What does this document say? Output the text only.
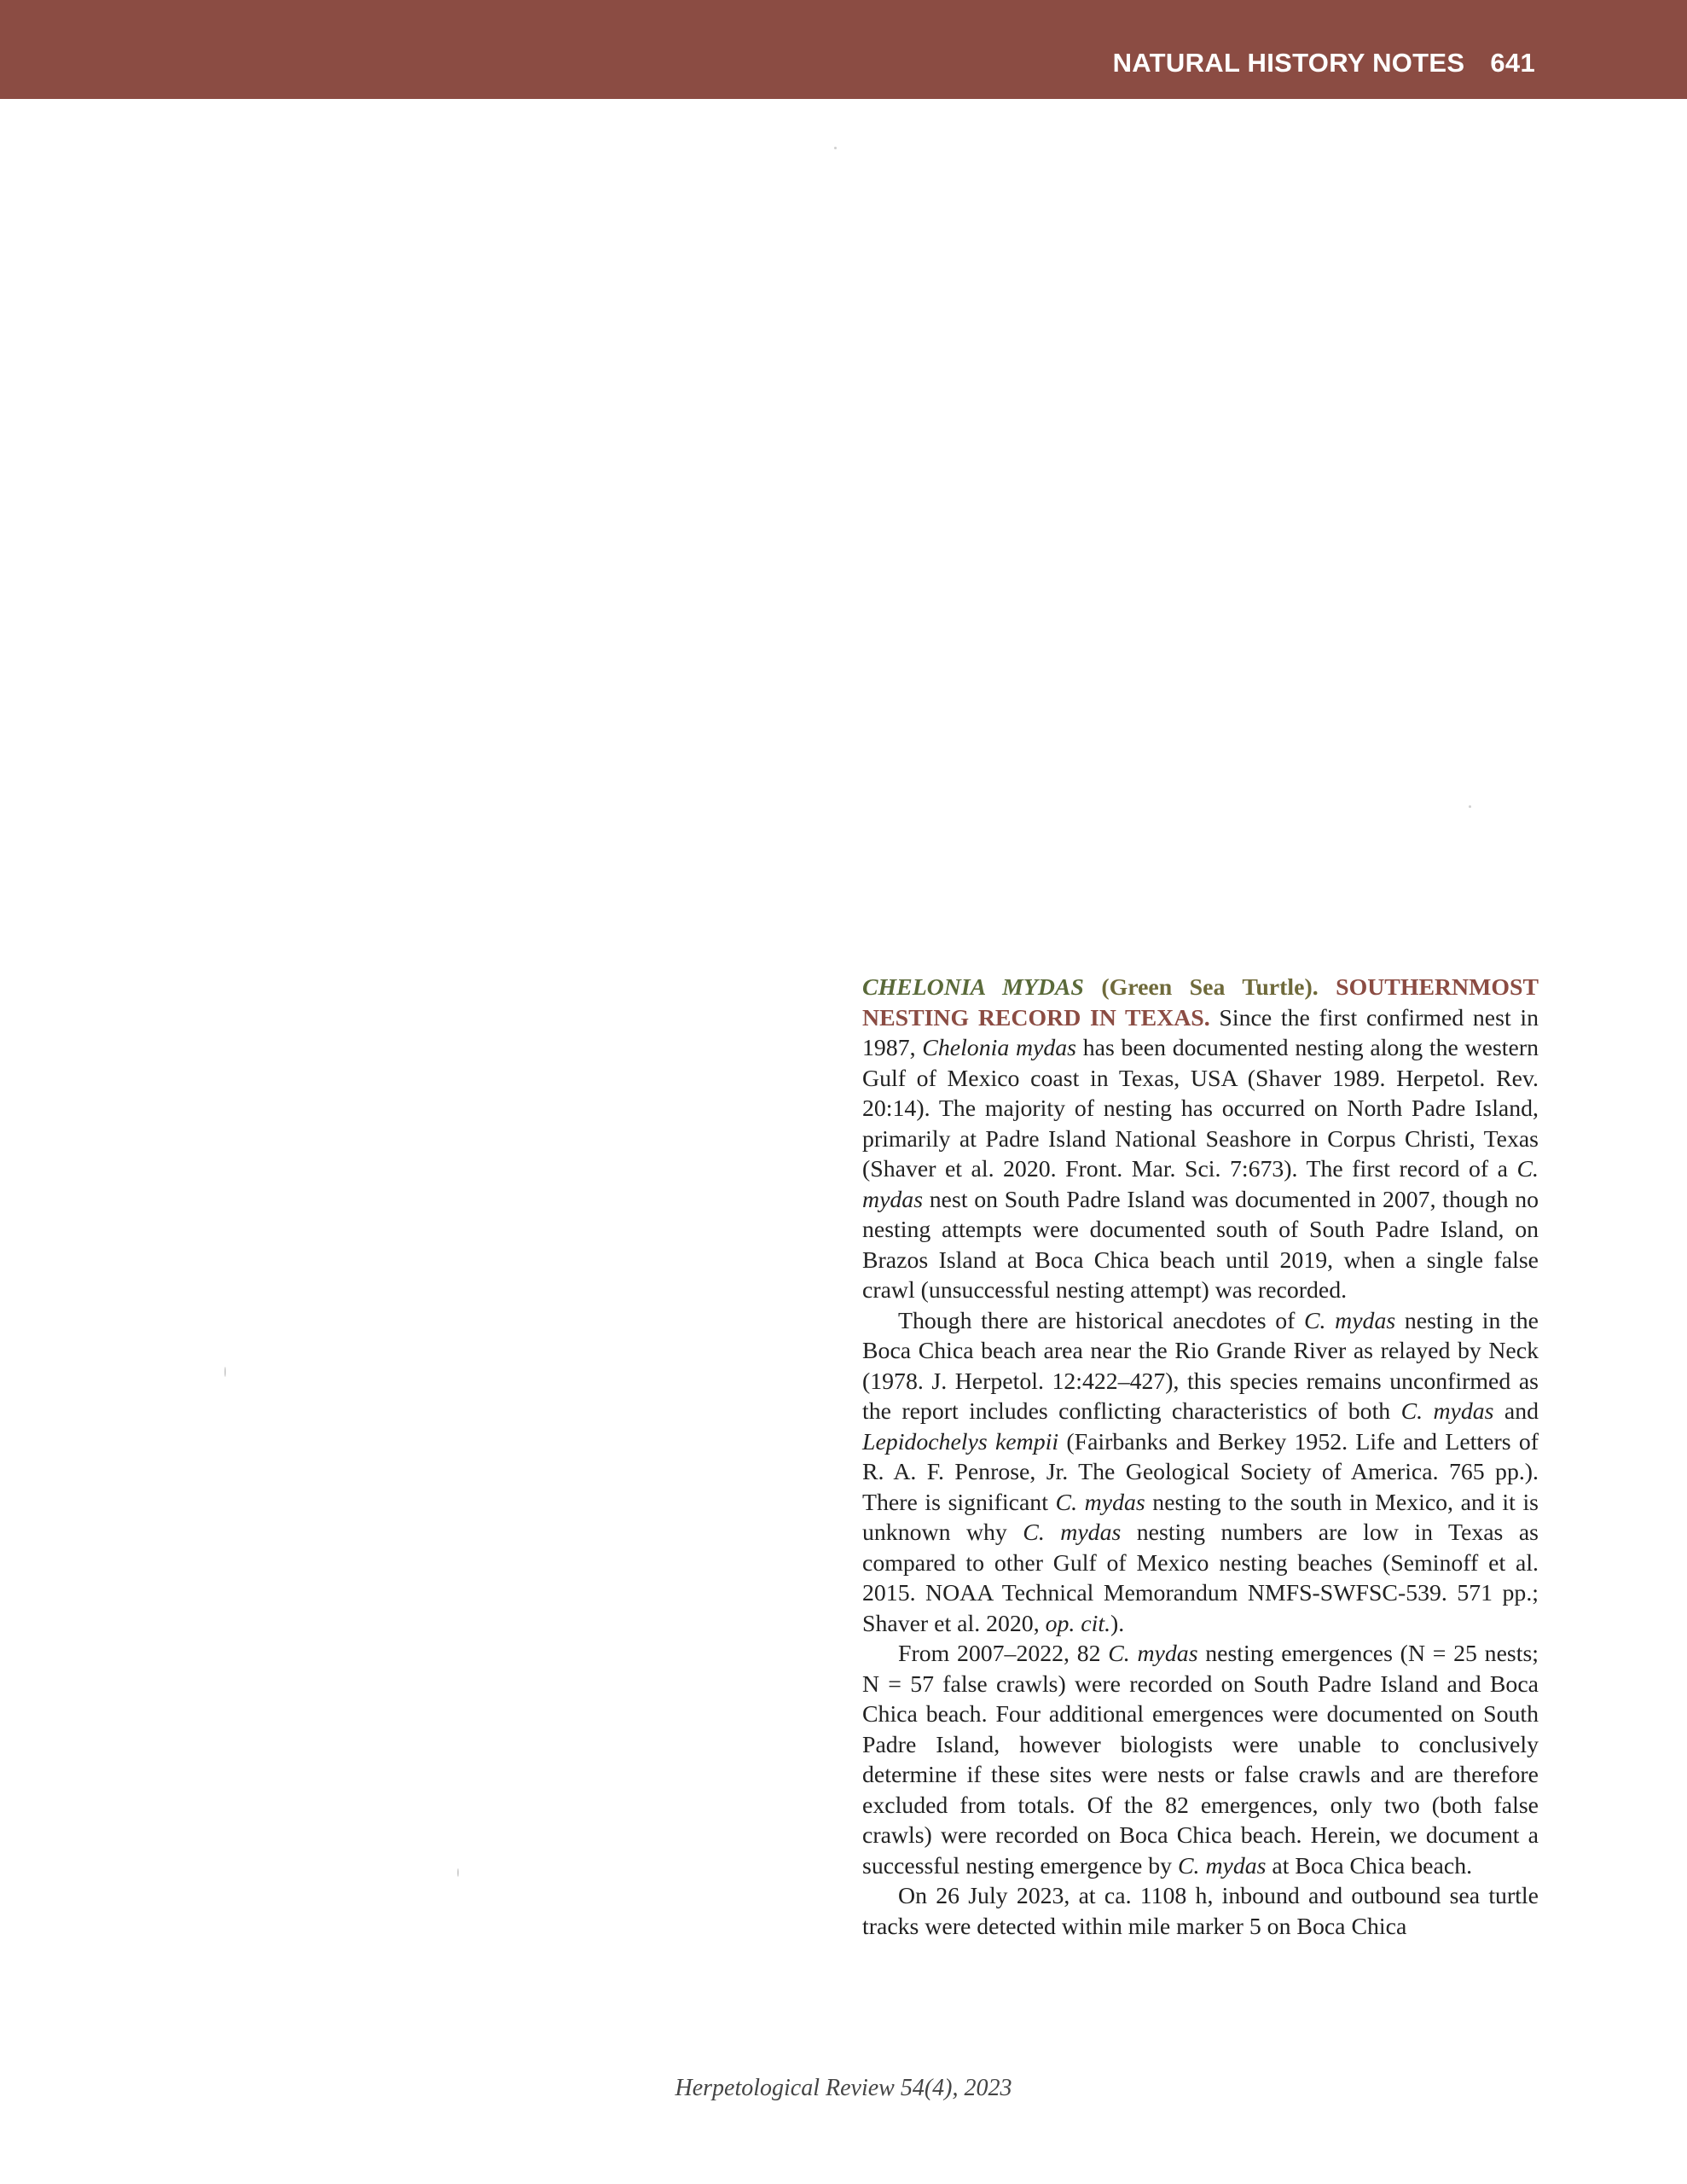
NATURAL HISTORY NOTES 641

CHELONIA MYDAS (Green Sea Turtle). SOUTHERNMOST NESTING RECORD IN TEXAS. Since the first confirmed nest in 1987, Chelonia mydas has been documented nesting along the western Gulf of Mexico coast in Texas, USA (Shaver 1989. Herpetol. Rev. 20:14). The majority of nesting has occurred on North Padre Island, primarily at Padre Island National Seashore in Corpus Christi, Texas (Shaver et al. 2020. Front. Mar. Sci. 7:673). The first record of a C. mydas nest on South Padre Island was documented in 2007, though no nesting attempts were documented south of South Padre Island, on Brazos Island at Boca Chica beach until 2019, when a single false crawl (unsuccessful nesting attempt) was recorded.

Though there are historical anecdotes of C. mydas nesting in the Boca Chica beach area near the Rio Grande River as relayed by Neck (1978. J. Herpetol. 12:422–427), this species remains unconfirmed as the report includes conflicting characteristics of both C. mydas and Lepidochelys kempii (Fairbanks and Berkey 1952. Life and Letters of R. A. F. Penrose, Jr. The Geological Society of America. 765 pp.). There is significant C. mydas nesting to the south in Mexico, and it is unknown why C. mydas nesting numbers are low in Texas as compared to other Gulf of Mexico nesting beaches (Seminoff et al. 2015. NOAA Technical Memorandum NMFS-SWFSC-539. 571 pp.; Shaver et al. 2020, op. cit.).

From 2007–2022, 82 C. mydas nesting emergences (N = 25 nests; N = 57 false crawls) were recorded on South Padre Island and Boca Chica beach. Four additional emergences were documented on South Padre Island, however biologists were unable to conclusively determine if these sites were nests or false crawls and are therefore excluded from totals. Of the 82 emergences, only two (both false crawls) were recorded on Boca Chica beach. Herein, we document a successful nesting emergence by C. mydas at Boca Chica beach.

On 26 July 2023, at ca. 1108 h, inbound and outbound sea turtle tracks were detected within mile marker 5 on Boca Chica

Herpetological Review 54(4), 2023
